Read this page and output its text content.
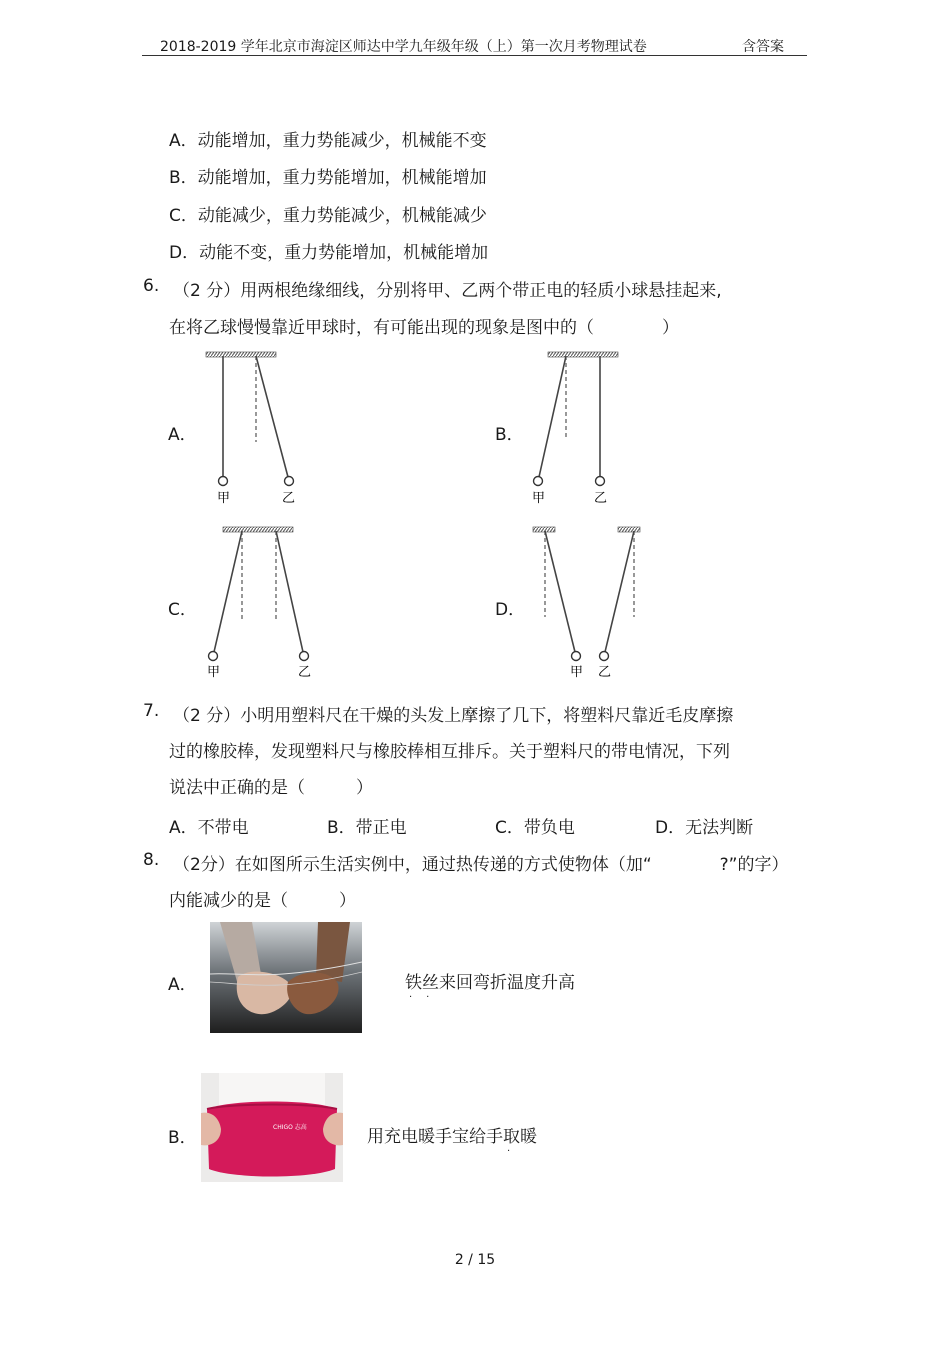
2018-2019 学年北京市海淀区师达中学九年级年级（上）第一次月考物理试卷	含答案
A．动能增加，重力势能减少，机械能不变
B．动能增加，重力势能增加，机械能增加
C．动能减少，重力势能减少，机械能减少
D．动能不变，重力势能增加，机械能增加
6. （2 分）用两根绝缘细线，分别将甲、乙两个带正电的轻质小球悬挂起来,
在将乙球慢慢靠近甲球时，有可能出现的现象是图中的（　　　　）
A．	B．
C．	D．
甲	乙	甲	乙
甲	乙	甲 乙
7. （2 分）小明用塑料尺在干燥的头发上摩擦了几下，将塑料尺靠近毛皮摩擦
过的橡胶棒，发现塑料尺与橡胶棒相互排斥。关于塑料尺的带电情况，下列
说法中正确的是（　　　）
A．不带电	B．带正电	C．带负电	D．无法判断
8. （2分）在如图所示生活实例中，通过热传递的方式使物体（加“　　　　?”的字）
内能减少的是（　　　）
A．	铁丝来回弯折温度升高
··
B．
CHIGO 志高	用充电暖手宝给手取暖
·
2 / 15
